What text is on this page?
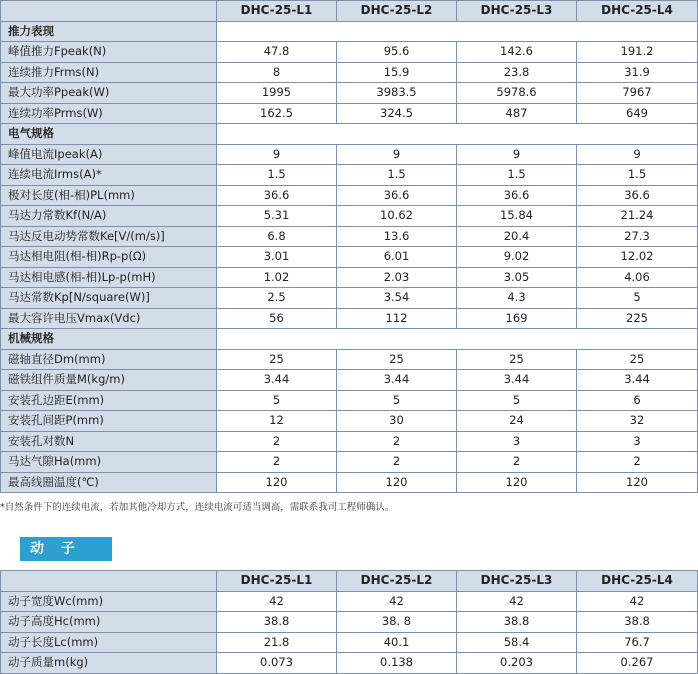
	DHC-25-L1	DHC-25-L2	DHC-25-L3	DHC-25-L4
推力表现				
峰值推力Fpeak(N)	47.8	95.6	142.6	191.2
连续推力Frms(N)	8	15.9	23.8	31.9
最大功率Ppeak(W)	1995	3983.5	5978.6	7967
连续功率Prms(W)	162.5	324.5	487	649
电气规格				
峰值电流Ipeak(A)	9	9	9	9
连续电流Irms(A)*	1.5	1.5	1.5	1.5
极对长度(相-相)PL(mm)	36.6	36.6	36.6	36.6
马达力常数Kf(N/A)	5.31	10.62	15.84	21.24
马达反电动势常数Ke[V/(m/s)]	6.8	13.6	20.4	27.3
马达相电阻(相-相)Rp-p(Ω)	3.01	6.01	9.02	12.02
马达相电感(相-相)Lp-p(mH)	1.02	2.03	3.05	4.06
马达常数Kp[N/square(W)]	2.5	3.54	4.3	5
最大容许电压Vmax(Vdc)	56	112	169	225
机械规格				
磁轴直径Dm(mm)	25	25	25	25
磁铁组件质量M(kg/m)	3.44	3.44	3.44	3.44
安装孔边距E(mm)	5	5	5	6
安装孔间距P(mm)	12	30	24	32
安装孔对数N	2	2	3	3
马达气隙Ha(mm)	2	2	2	2
最高线圈温度(℃)	120	120	120	120
*自然条件下的连续电流，若加其他冷却方式，连续电流可适当调高，需联系我司工程师确认。
动 子
	DHC-25-L1	DHC-25-L2	DHC-25-L3	DHC-25-L4
动子宽度Wc(mm)	42	42	42	42
动子高度Hc(mm)	38.8	38. 8	38.8	38.8
动子长度Lc(mm)	21.8	40.1	58.4	76.7
动子质量m(kg)	0.073	0.138	0.203	0.267
